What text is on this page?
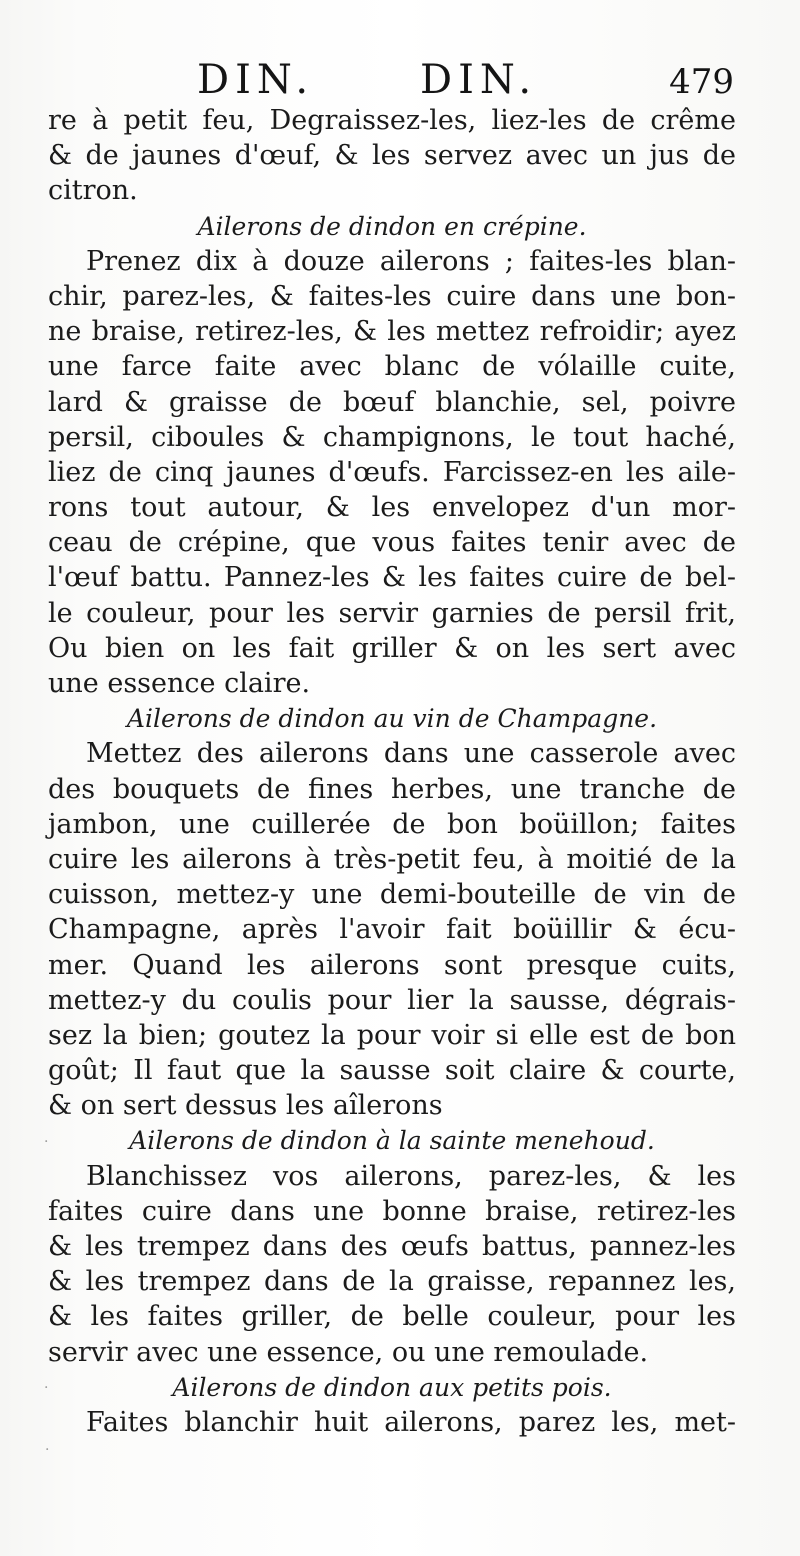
DIN.	DIN.	479
re à petit feu, Degraissez-les, liez-les de crême
& de jaunes d'œuf, & les servez avec un jus de
citron.
Ailerons de dindon en crépine.
Prenez dix à douze ailerons ; faites-les blan-
chir, parez-les, & faites-les cuire dans une bon-
ne braise, retirez-les, & les mettez refroidir; ayez
une farce faite avec blanc de vólaille cuite,
lard & graisse de bœuf blanchie, sel, poivre
persil, ciboules & champignons, le tout haché,
liez de cinq jaunes d'œufs. Farcissez-en les aile-
rons tout autour, & les envelopez d'un mor-
ceau de crépine, que vous faites tenir avec de
l'œuf battu. Pannez-les & les faites cuire de bel-
le couleur, pour les servir garnies de persil frit,
Ou bien on les fait griller & on les sert avec
une essence claire.
Ailerons de dindon au vin de Champagne.
Mettez des ailerons dans une casserole avec
des bouquets de fines herbes, une tranche de
jambon, une cuillerée de bon boüillon; faites
cuire les ailerons à très-petit feu, à moitié de la
cuisson, mettez-y une demi-bouteille de vin de
Champagne, après l'avoir fait boüillir & écu-
mer. Quand les ailerons sont presque cuits,
mettez-y du coulis pour lier la sausse, dégrais-
sez la bien; goutez la pour voir si elle est de bon
goût; Il faut que la sausse soit claire & courte,
& on sert dessus les aîlerons
Ailerons de dindon à la sainte menehoud.
Blanchissez vos ailerons, parez-les, & les
faites cuire dans une bonne braise, retirez-les
& les trempez dans des œufs battus, pannez-les
& les trempez dans de la graisse, repannez les,
& les faites griller, de belle couleur, pour les
servir avec une essence, ou une remoulade.
Ailerons de dindon aux petits pois.
Faites blanchir huit ailerons, parez les, met-
·
·
·
